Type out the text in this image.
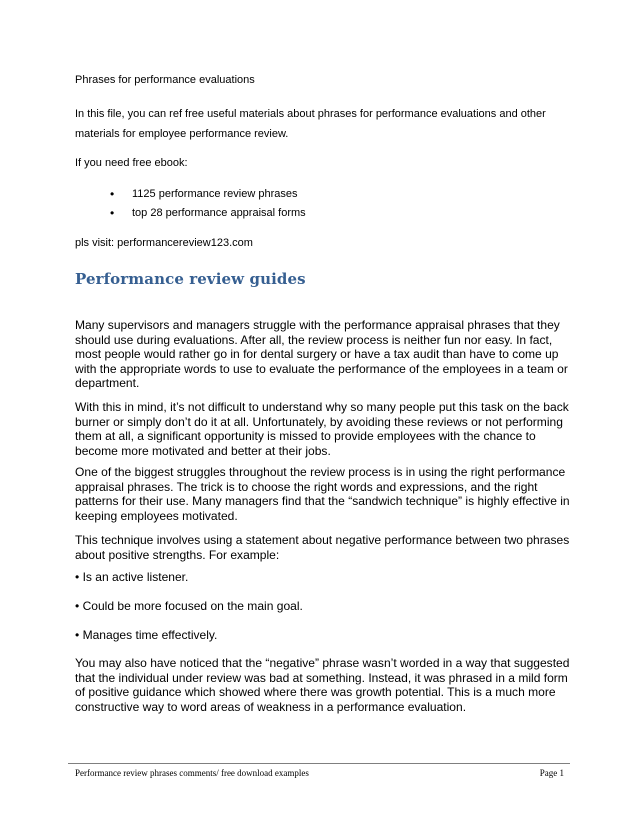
Phrases for performance evaluations
In this file, you can ref free useful materials about phrases for performance evaluations and other
materials for employee performance review.
If you need free ebook:
• 1125 performance review phrases
• top 28 performance appraisal forms
pls visit: performancereview123.com
Performance review guides

Many supervisors and managers struggle with the performance appraisal phrases that they should use during evaluations. After all, the review process is neither fun nor easy. In fact, most people would rather go in for dental surgery or have a tax audit than have to come up with the appropriate words to use to evaluate the performance of the employees in a team or department.

With this in mind, it’s not difficult to understand why so many people put this task on the back burner or simply don’t do it at all. Unfortunately, by avoiding these reviews or not performing them at all, a significant opportunity is missed to provide employees with the chance to become more motivated and better at their jobs.

One of the biggest struggles throughout the review process is in using the right performance appraisal phrases. The trick is to choose the right words and expressions, and the right patterns for their use. Many managers find that the “sandwich technique” is highly effective in keeping employees motivated.

This technique involves using a statement about negative performance between two phrases about positive strengths. For example:

• Is an active listener.

• Could be more focused on the main goal.

• Manages time effectively.

You may also have noticed that the “negative” phrase wasn’t worded in a way that suggested that the individual under review was bad at something. Instead, it was phrased in a mild form of positive guidance which showed where there was growth potential. This is a much more constructive way to word areas of weakness in a performance evaluation.

Performance review phrases comments/ free download examples	Page 1
